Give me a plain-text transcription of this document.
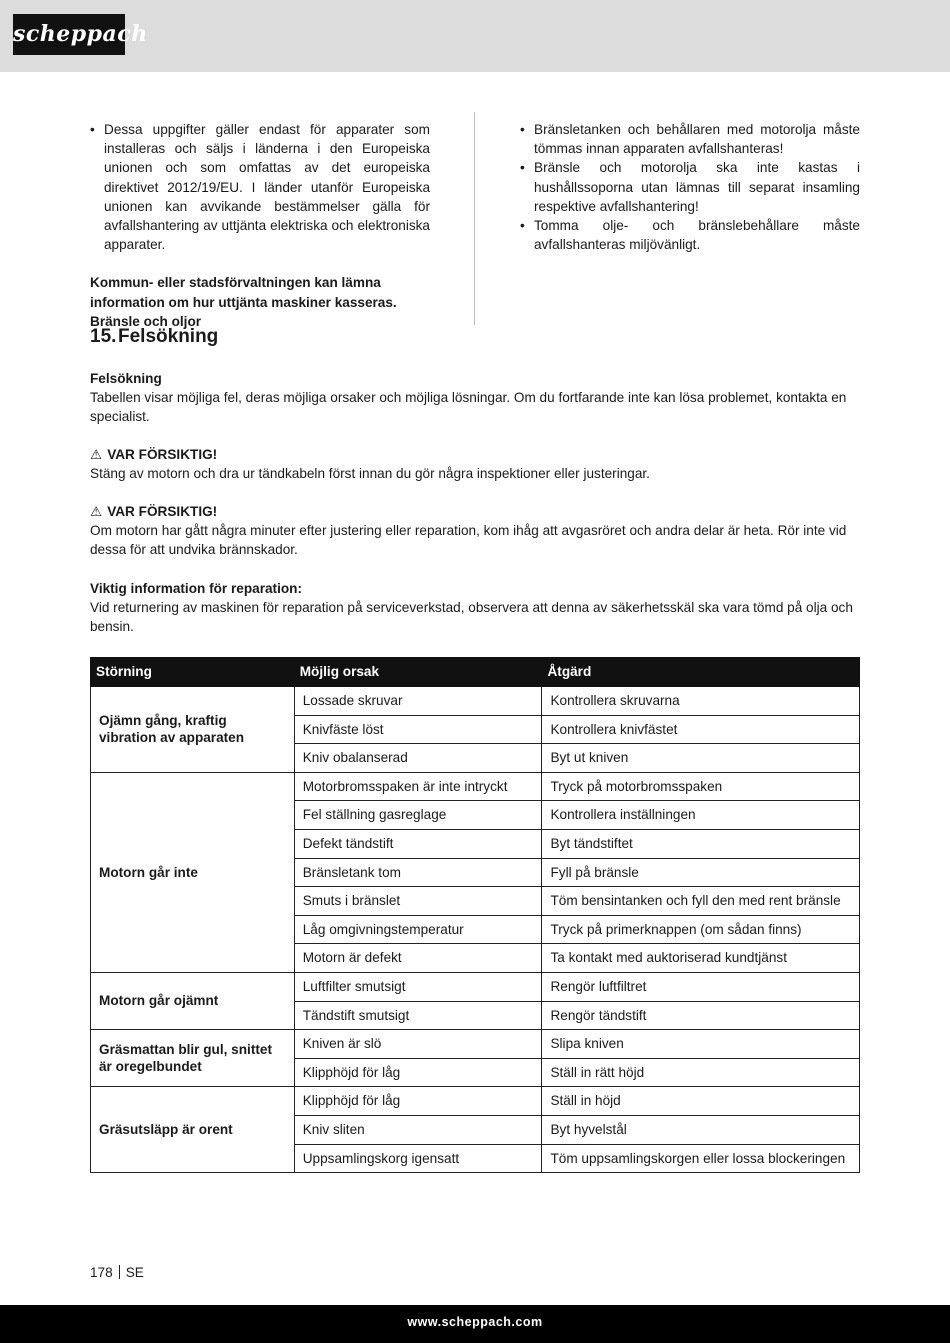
scheppach
• Dessa uppgifter gäller endast för apparater som installeras och säljs i länderna i den Europeiska unionen och som omfattas av det europeiska direktivet 2012/19/EU. I länder utanför Europeiska unionen kan avvikande bestämmelser gälla för avfallshantering av uttjänta elektriska och elektroniska apparater.
Kommun- eller stadsförvaltningen kan lämna information om hur uttjänta maskiner kasseras.
Bränsle och oljor
• Bränsletanken och behållaren med motorolja måste tömmas innan apparaten avfallshanteras!
• Bränsle och motorolja ska inte kastas i hushållssoporna utan lämnas till separat insamling respektive avfallshantering!
• Tomma olje- och bränslebehållare måste avfallshanteras miljövänligt.
15.Felsökning
Felsökning
Tabellen visar möjliga fel, deras möjliga orsaker och möjliga lösningar. Om du fortfarande inte kan lösa problemet, kontakta en specialist.
⚠ VAR FÖRSIKTIG!
Stäng av motorn och dra ur tändkabeln först innan du gör några inspektioner eller justeringar.
⚠ VAR FÖRSIKTIG!
Om motorn har gått några minuter efter justering eller reparation, kom ihåg att avgasröret och andra delar är heta. Rör inte vid dessa för att undvika brännskador.
Viktig information för reparation:
Vid returnering av maskinen för reparation på serviceverkstad, observera att denna av säkerhetsskäl ska vara tömd på olja och bensin.
Störning	Möjlig orsak	Åtgärd
Ojämn gång, kraftig vibration av apparaten	Lossade skruvar	Kontrollera skruvarna
	Knivfäste löst	Kontrollera knivfästet
	Kniv obalanserad	Byt ut kniven
Motorn går inte	Motorbromsspaken är inte intryckt	Tryck på motorbromsspaken
	Fel ställning gasreglage	Kontrollera inställningen
	Defekt tändstift	Byt tändstiftet
	Bränsletank tom	Fyll på bränsle
	Smuts i bränslet	Töm bensintanken och fyll den med rent bränsle
	Låg omgivningstemperatur	Tryck på primerknappen (om sådan finns)
	Motorn är defekt	Ta kontakt med auktoriserad kundtjänst
Motorn går ojämnt	Luftfilter smutsigt	Rengör luftfiltret
	Tändstift smutsigt	Rengör tändstift
Gräsmattan blir gul, snittet är oregelbundet	Kniven är slö	Slipa kniven
	Klipphöjd för låg	Ställ in rätt höjd
Gräsutsläpp är orent	Klipphöjd för låg	Ställ in höjd
	Kniv sliten	Byt hyvelstål
	Uppsamlingskorg igensatt	Töm uppsamlingskorgen eller lossa blockeringen
178 SE
www.scheppach.com
